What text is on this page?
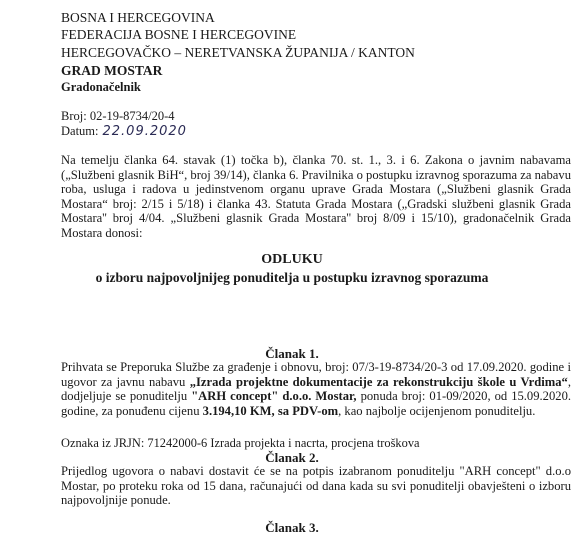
BOSNA I HERCEGOVINA
FEDERACIJA BOSNE I HERCEGOVINE
HERCEGOVAČKO – NERETVANSKA ŽUPANIJA / KANTON
GRAD MOSTAR
Gradonačelnik
Broj: 02-19-8734/20-4
Datum: 22.09.2020
Na temelju članka 64. stavak (1) točka b), članka 70. st. 1., 3. i 6. Zakona o javnim nabavama („Službeni glasnik BiH“, broj 39/14), članka 6. Pravilnika o postupku izravnog sporazuma za nabavu roba, usluga i radova u jedinstvenom organu uprave Grada Mostara („Službeni glasnik Grada Mostara“ broj: 2/15 i 5/18) i članka 43. Statuta Grada Mostara („Gradski službeni glasnik Grada Mostara'' broj 4/04. „Službeni glasnik Grada Mostara'' broj 8/09 i 15/10), gradonačelnik Grada Mostara donosi:
ODLUKU
o izboru najpovoljnijeg ponuditelja u postupku izravnog sporazuma
Članak 1.
Prihvata se Preporuka Službe za građenje i obnovu, broj: 07/3-19-8734/20-3 od 17.09.2020. godine i ugovor za javnu nabavu „Izrada projektne dokumentacije za rekonstrukciju škole u Vrdima“, dodjeljuje se ponuditelju "ARH concept" d.o.o. Mostar, ponuda broj: 01-09/2020, od 15.09.2020. godine, za ponuđenu cijenu 3.194,10 KM, sa PDV-om, kao najbolje ocijenjenom ponuditelju.
Oznaka iz JRJN: 71242000-6 Izrada projekta i nacrta, procjena troškova
Članak 2.
Prijedlog ugovora o nabavi dostavit će se na potpis izabranom ponuditelju "ARH concept" d.o.o Mostar, po proteku roka od 15 dana, računajući od dana kada su svi ponuditelji obavješteni o izboru najpovoljnije ponude.
Članak 3.
